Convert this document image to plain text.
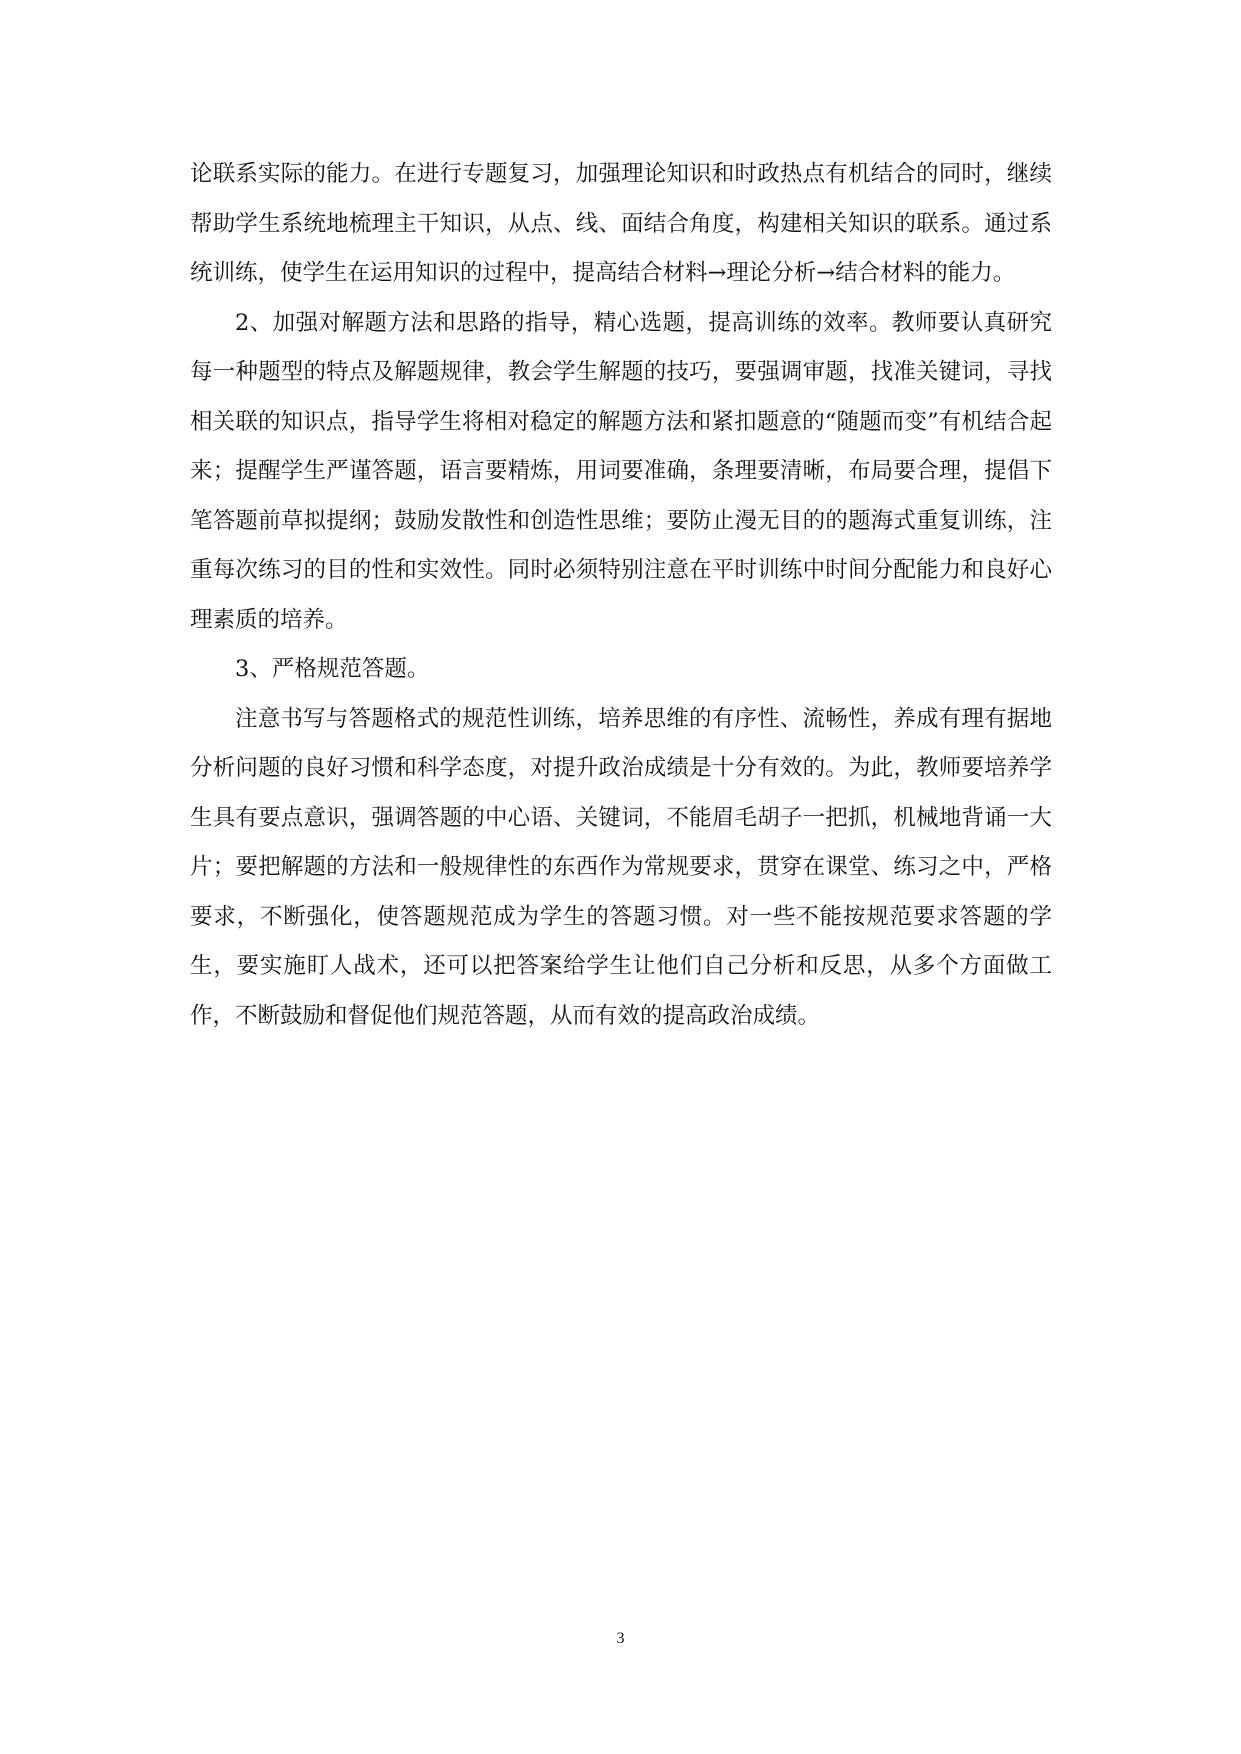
论联系实际的能力。在进行专题复习，加强理论知识和时政热点有机结合的同时，继续帮助学生系统地梳理主干知识，从点、线、面结合角度，构建相关知识的联系。通过系统训练，使学生在运用知识的过程中，提高结合材料→理论分析→结合材料的能力。

2、加强对解题方法和思路的指导，精心选题，提高训练的效率。教师要认真研究每一种题型的特点及解题规律，教会学生解题的技巧，要强调审题，找准关键词，寻找相关联的知识点，指导学生将相对稳定的解题方法和紧扣题意的“随题而变”有机结合起来；提醒学生严谨答题，语言要精炼，用词要准确，条理要清晰，布局要合理，提倡下笔答题前草拟提纲；鼓励发散性和创造性思维；要防止漫无目的的题海式重复训练，注重每次练习的目的性和实效性。同时必须特别注意在平时训练中时间分配能力和良好心理素质的培养。

3、严格规范答题。

注意书写与答题格式的规范性训练，培养思维的有序性、流畅性，养成有理有据地分析问题的良好习惯和科学态度，对提升政治成绩是十分有效的。为此，教师要培养学生具有要点意识，强调答题的中心语、关键词，不能眉毛胡子一把抓，机械地背诵一大片；要把解题的方法和一般规律性的东西作为常规要求，贯穿在课堂、练习之中，严格要求，不断强化，使答题规范成为学生的答题习惯。对一些不能按规范要求答题的学生，要实施盯人战术，还可以把答案给学生让他们自己分析和反思，从多个方面做工作，不断鼓励和督促他们规范答题，从而有效的提高政治成绩。

3
